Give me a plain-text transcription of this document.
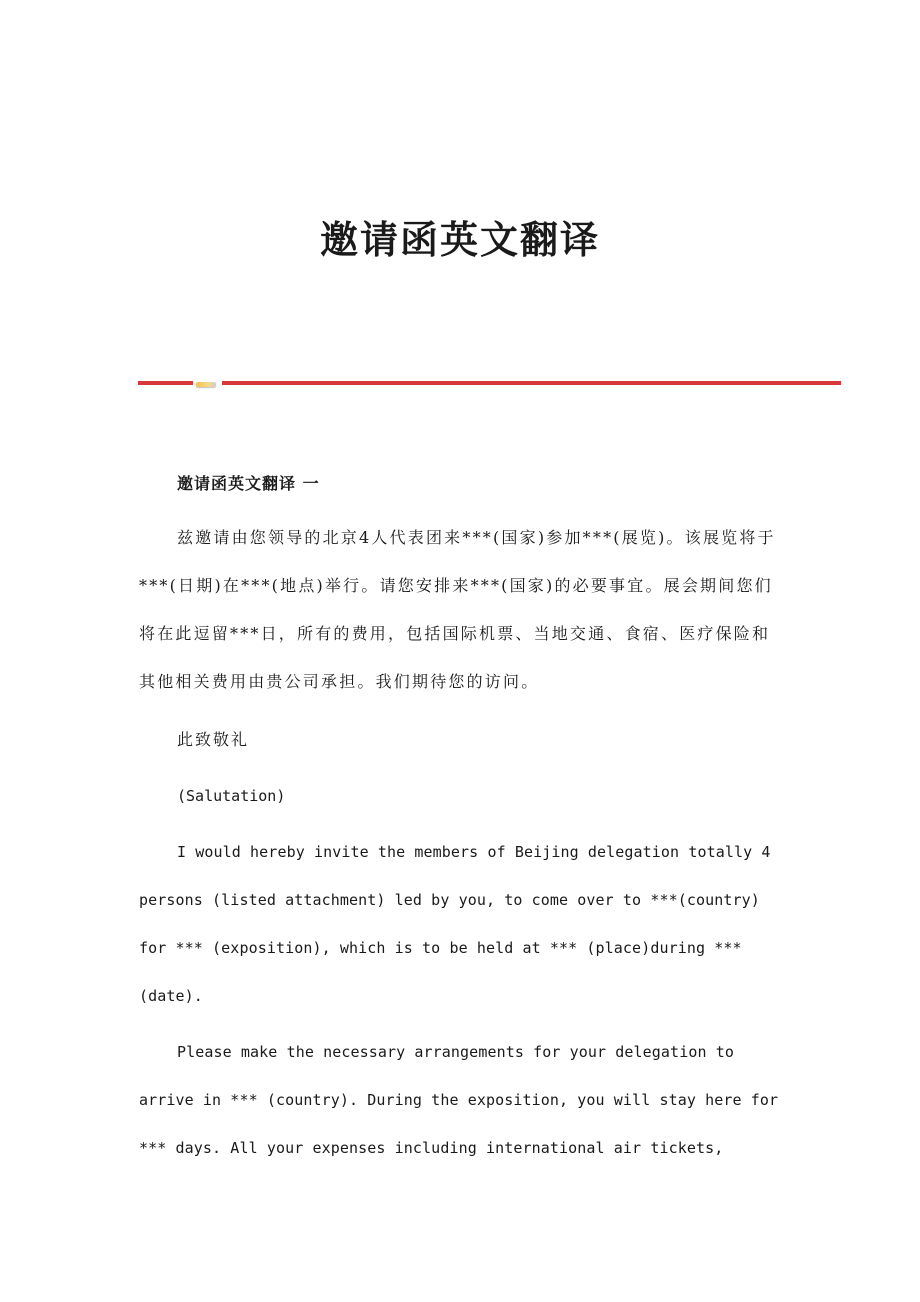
邀请函英文翻译
邀请函英文翻译 一

兹邀请由您领导的北京4人代表团来***(国家)参加***(展览)。该展览将于***(日期)在***(地点)举行。请您安排来***(国家)的必要事宜。展会期间您们将在此逗留***日，所有的费用，包括国际机票、当地交通、食宿、医疗保险和其他相关费用由贵公司承担。我们期待您的访问。

此致敬礼
(Salutation)

I would hereby invite the members of Beijing delegation totally 4 persons (listed attachment) led by you, to come over to ***(country) for *** (exposition), which is to be held at *** (place)during *** (date).

Please make the necessary arrangements for your delegation to arrive in *** (country). During the exposition, you will stay here for *** days. All your expenses including international air tickets,
